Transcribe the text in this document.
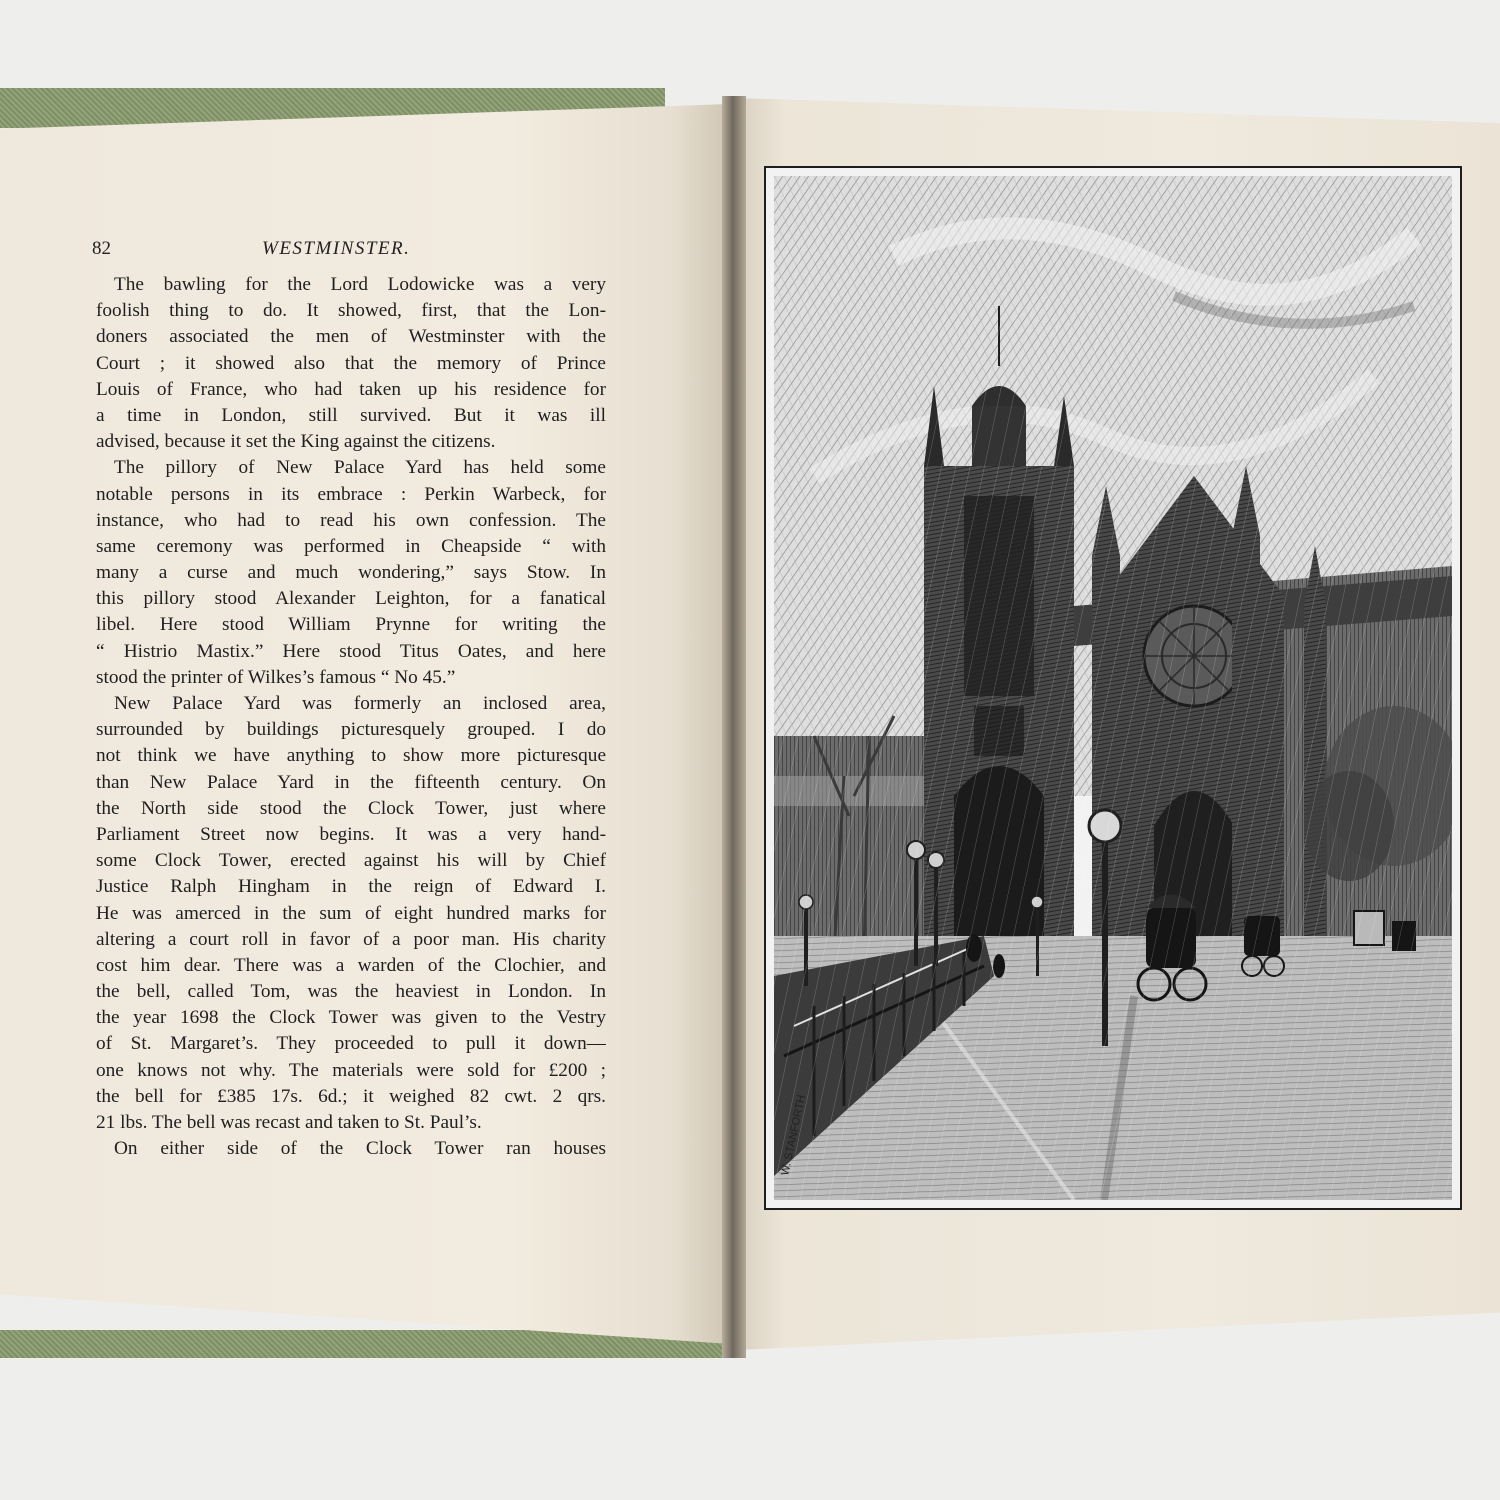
82	WESTMINSTER.
The bawling for the Lord Lodowicke was a very
foolish thing to do. It showed, first, that the Lon-
doners associated the men of Westminster with the
Court ; it showed also that the memory of Prince
Louis of France, who had taken up his residence for
a time in London, still survived. But it was ill
advised, because it set the King against the citizens.
The pillory of New Palace Yard has held some
notable persons in its embrace : Perkin Warbeck, for
instance, who had to read his own confession. The
same ceremony was performed in Cheapside “ with
many a curse and much wondering,” says Stow. In
this pillory stood Alexander Leighton, for a fanatical
libel. Here stood William Prynne for writing the
“ Histrio Mastix.” Here stood Titus Oates, and here
stood the printer of Wilkes’s famous “ No 45.”
New Palace Yard was formerly an inclosed area,
surrounded by buildings picturesquely grouped. I do
not think we have anything to show more picturesque
than New Palace Yard in the fifteenth century. On
the North side stood the Clock Tower, just where
Parliament Street now begins. It was a very hand-
some Clock Tower, erected against his will by Chief
Justice Ralph Hingham in the reign of Edward I.
He was amerced in the sum of eight hundred marks for
altering a court roll in favor of a poor man. His charity
cost him dear. There was a warden of the Clochier, and
the bell, called Tom, was the heaviest in London. In
the year 1698 the Clock Tower was given to the Vestry
of St. Margaret’s. They proceeded to pull it down—
one knows not why. The materials were sold for £200 ;
the bell for £385 17s. 6d.; it weighed 82 cwt. 2 qrs.
21 lbs. The bell was recast and taken to St. Paul’s.
On either side of the Clock Tower ran houses	W. STANFORTH
